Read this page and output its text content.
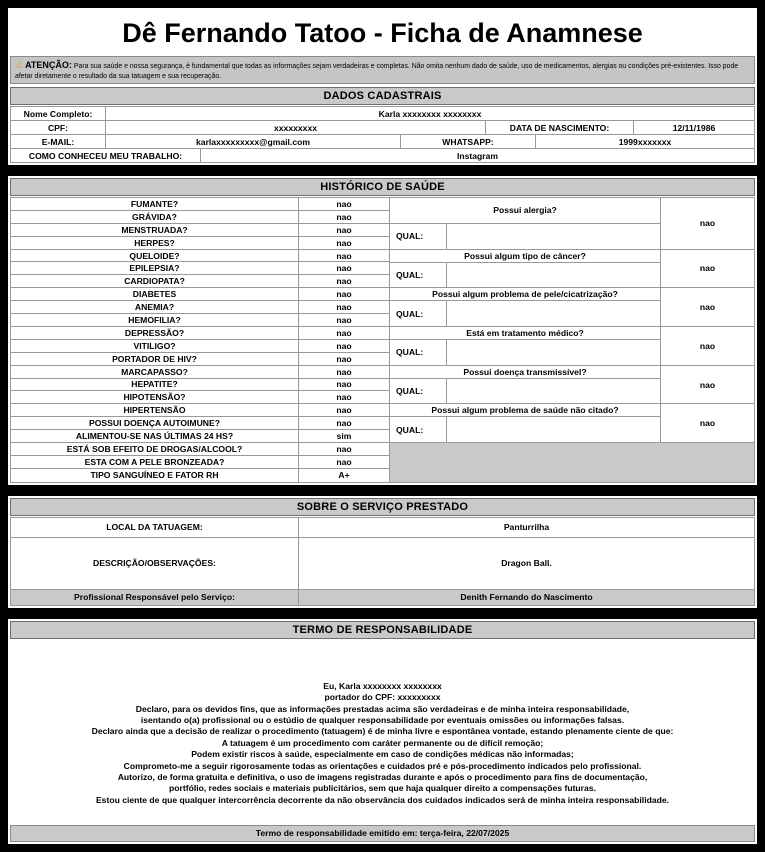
Dê Fernando Tatoo - Ficha de Anamnese
⚠ ATENÇÃO: Para sua saúde e nossa segurança, é fundamental que todas as informações sejam verdadeiras e completas. Não omita nenhum dado de saúde, uso de medicamentos, alergias ou condições pré-existentes. Isso pode afetar diretamente o resultado da sua tatuagem e sua recuperação.
DADOS CADASTRAIS
Nome Completo:	Karla xxxxxxxx xxxxxxxx
CPF:	xxxxxxxxx	DATA DE NASCIMENTO:	12/11/1986
E-MAIL:	karlaxxxxxxxxx@gmail.com	WHATSAPP:	1999xxxxxxx
COMO CONHECEU MEU TRABALHO:	Instagram
HISTÓRICO DE SAÚDE
FUMANTE?	nao
GRÁVIDA?	nao
MENSTRUADA?	nao
HERPES?	nao
QUELOIDE?	nao
EPILEPSIA?	nao
CARDIOPATA?	nao
DIABETES	nao
ANEMIA?	nao
HEMOFILIA?	nao
DEPRESSÃO?	nao
VITILIGO?	nao
PORTADOR DE HIV?	nao
MARCAPASSO?	nao
HEPATITE?	nao
HIPOTENSÃO?	nao
HIPERTENSÃO	nao
POSSUI DOENÇA AUTOIMUNE?	nao
ALIMENTOU-SE NAS ÚLTIMAS 24 HS?	sim
ESTÁ SOB EFEITO DE DROGAS/ALCOOL?	nao
ESTA COM A PELE BRONZEADA?	nao
TIPO SANGUÍNEO E FATOR RH	A+
Possui alergia?
QUAL:
nao
Possui algum tipo de câncer?
QUAL:
nao
Possui algum problema de pele/cicatrização?
QUAL:
nao
Está em tratamento médico?
QUAL:
nao
Possui doença transmissível?
QUAL:
nao
Possui algum problema de saúde não citado?
QUAL:
nao
SOBRE O SERVIÇO PRESTADO
LOCAL DA TATUAGEM:	Panturrilha
DESCRIÇÃO/OBSERVAÇÕES:	Dragon Ball.
Profissional Responsável pelo Serviço:	Denith Fernando do Nascimento
TERMO DE RESPONSABILIDADE
Eu, Karla xxxxxxxx xxxxxxxx
portador do CPF: xxxxxxxxx
Declaro, para os devidos fins, que as informações prestadas acima são verdadeiras e de minha inteira responsabilidade,
isentando o(a) profissional ou o estúdio de qualquer responsabilidade por eventuais omissões ou informações falsas.
Declaro ainda que a decisão de realizar o procedimento (tatuagem) é de minha livre e espontânea vontade, estando plenamente ciente de que:
A tatuagem é um procedimento com caráter permanente ou de difícil remoção;
Podem existir riscos à saúde, especialmente em caso de condições médicas não informadas;
Comprometo-me a seguir rigorosamente todas as orientações e cuidados pré e pós-procedimento indicados pelo profissional.
Autorizo, de forma gratuita e definitiva, o uso de imagens registradas durante e após o procedimento para fins de documentação,
portfólio, redes sociais e materiais publicitários, sem que haja qualquer direito a compensações futuras.
Estou ciente de que qualquer intercorrência decorrente da não observância dos cuidados indicados será de minha inteira responsabilidade.
Termo de responsabilidade emitido em: terça-feira, 22/07/2025
